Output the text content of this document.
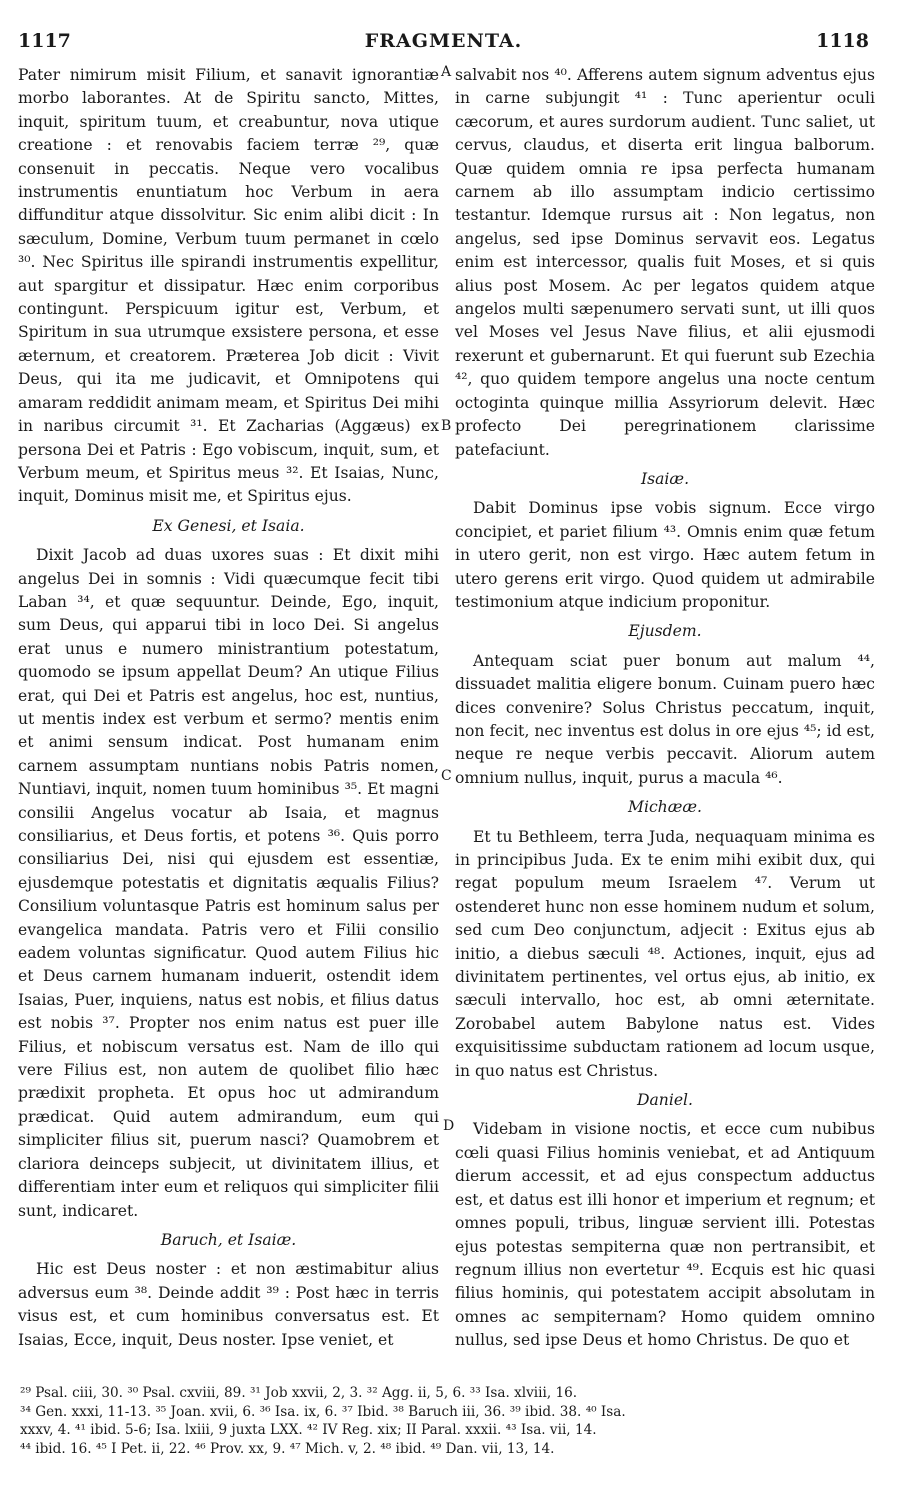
1117	FRAGMENTA.	1118
A
B
C
D

Pater nimirum misit Filium, et sanavit ignorantiæ morbo laborantes. At de Spiritu sancto, Mittes, inquit, spiritum tuum, et creabuntur, nova utique creatione : et renovabis faciem terræ ²⁹, quæ consenuit in peccatis. Neque vero vocalibus instrumentis enuntiatum hoc Verbum in aera diffunditur atque dissolvitur. Sic enim alibi dicit : In sæculum, Domine, Verbum tuum permanet in cœlo ³⁰. Nec Spiritus ille spirandi instrumentis expellitur, aut spargitur et dissipatur. Hæc enim corporibus contingunt. Perspicuum igitur est, Verbum, et Spiritum in sua utrumque exsistere persona, et esse æternum, et creatorem. Præterea Job dicit : Vivit Deus, qui ita me judicavit, et Omnipotens qui amaram reddidit animam meam, et Spiritus Dei mihi in naribus circumit ³¹. Et Zacharias (Aggæus) ex persona Dei et Patris : Ego vobiscum, inquit, sum, et Verbum meum, et Spiritus meus ³². Et Isaias, Nunc, inquit, Dominus misit me, et Spiritus ejus.

Ex Genesi, et Isaia.

Dixit Jacob ad duas uxores suas : Et dixit mihi angelus Dei in somnis : Vidi quæcumque fecit tibi Laban ³⁴, et quæ sequuntur. Deinde, Ego, inquit, sum Deus, qui apparui tibi in loco Dei. Si angelus erat unus e numero ministrantium potestatum, quomodo se ipsum appellat Deum? An utique Filius erat, qui Dei et Patris est angelus, hoc est, nuntius, ut mentis index est verbum et sermo? mentis enim et animi sensum indicat. Post humanam enim carnem assumptam nuntians nobis Patris nomen, Nuntiavi, inquit, nomen tuum hominibus ³⁵. Et magni consilii Angelus vocatur ab Isaia, et magnus consiliarius, et Deus fortis, et potens ³⁶. Quis porro consiliarius Dei, nisi qui ejusdem est essentiæ, ejusdemque potestatis et dignitatis æqualis Filius? Consilium voluntasque Patris est hominum salus per evangelica mandata. Patris vero et Filii consilio eadem voluntas significatur. Quod autem Filius hic et Deus carnem humanam induerit, ostendit idem Isaias, Puer, inquiens, natus est nobis, et filius datus est nobis ³⁷. Propter nos enim natus est puer ille Filius, et nobiscum versatus est. Nam de illo qui vere Filius est, non autem de quolibet filio hæc prædixit propheta. Et opus hoc ut admirandum prædicat. Quid autem admirandum, eum qui simpliciter filius sit, puerum nasci? Quamobrem et clariora deinceps subjecit, ut divinitatem illius, et differentiam inter eum et reliquos qui simpliciter filii sunt, indicaret.

Baruch, et Isaiæ.

Hic est Deus noster : et non æstimabitur alius adversus eum ³⁸. Deinde addit ³⁹ : Post hæc in terris visus est, et cum hominibus conversatus est. Et Isaias, Ecce, inquit, Deus noster. Ipse veniet, et

salvabit nos ⁴⁰. Afferens autem signum adventus ejus in carne subjungit ⁴¹ : Tunc aperientur oculi cæcorum, et aures surdorum audient. Tunc saliet, ut cervus, claudus, et diserta erit lingua balborum. Quæ quidem omnia re ipsa perfecta humanam carnem ab illo assumptam indicio certissimo testantur. Idemque rursus ait : Non legatus, non angelus, sed ipse Dominus servavit eos. Legatus enim est intercessor, qualis fuit Moses, et si quis alius post Mosem. Ac per legatos quidem atque angelos multi sæpenumero servati sunt, ut illi quos vel Moses vel Jesus Nave filius, et alii ejusmodi rexerunt et gubernarunt. Et qui fuerunt sub Ezechia ⁴², quo quidem tempore angelus una nocte centum octoginta quinque millia Assyriorum delevit. Hæc profecto Dei peregrinationem clarissime patefaciunt.

Isaiæ.

Dabit Dominus ipse vobis signum. Ecce virgo concipiet, et pariet filium ⁴³. Omnis enim quæ fetum in utero gerit, non est virgo. Hæc autem fetum in utero gerens erit virgo. Quod quidem ut admirabile testimonium atque indicium proponitur.

Ejusdem.

Antequam sciat puer bonum aut malum ⁴⁴, dissuadet malitia eligere bonum. Cuinam puero hæc dices convenire? Solus Christus peccatum, inquit, non fecit, nec inventus est dolus in ore ejus ⁴⁵; id est, neque re neque verbis peccavit. Aliorum autem omnium nullus, inquit, purus a macula ⁴⁶.

Michææ.

Et tu Bethleem, terra Juda, nequaquam minima es in principibus Juda. Ex te enim mihi exibit dux, qui regat populum meum Israelem ⁴⁷. Verum ut ostenderet hunc non esse hominem nudum et solum, sed cum Deo conjunctum, adjecit : Exitus ejus ab initio, a diebus sæculi ⁴⁸. Actiones, inquit, ejus ad divinitatem pertinentes, vel ortus ejus, ab initio, ex sæculi intervallo, hoc est, ab omni æternitate. Zorobabel autem Babylone natus est. Vides exquisitissime subductam rationem ad locum usque, in quo natus est Christus.

Daniel.

Videbam in visione noctis, et ecce cum nubibus cœli quasi Filius hominis veniebat, et ad Antiquum dierum accessit, et ad ejus conspectum adductus est, et datus est illi honor et imperium et regnum; et omnes populi, tribus, linguæ servient illi. Potestas ejus potestas sempiterna quæ non pertransibit, et regnum illius non evertetur ⁴⁹. Ecquis est hic quasi filius hominis, qui potestatem accipit absolutam in omnes ac sempiternam? Homo quidem omnino nullus, sed ipse Deus et homo Christus. De quo et

²⁹ Psal. ciii, 30. ³⁰ Psal. cxviii, 89. ³¹ Job xxvii, 2, 3. ³² Agg. ii, 5, 6. ³³ Isa. xlviii, 16.
³⁴ Gen. xxxi, 11-13. ³⁵ Joan. xvii, 6. ³⁶ Isa. ix, 6. ³⁷ Ibid. ³⁸ Baruch iii, 36. ³⁹ ibid. 38. ⁴⁰ Isa.
xxxv, 4. ⁴¹ ibid. 5-6; Isa. lxiii, 9 juxta LXX. ⁴² IV Reg. xix; II Paral. xxxii. ⁴³ Isa. vii, 14.
⁴⁴ ibid. 16. ⁴⁵ I Pet. ii, 22. ⁴⁶ Prov. xx, 9. ⁴⁷ Mich. v, 2. ⁴⁸ ibid. ⁴⁹ Dan. vii, 13, 14.
